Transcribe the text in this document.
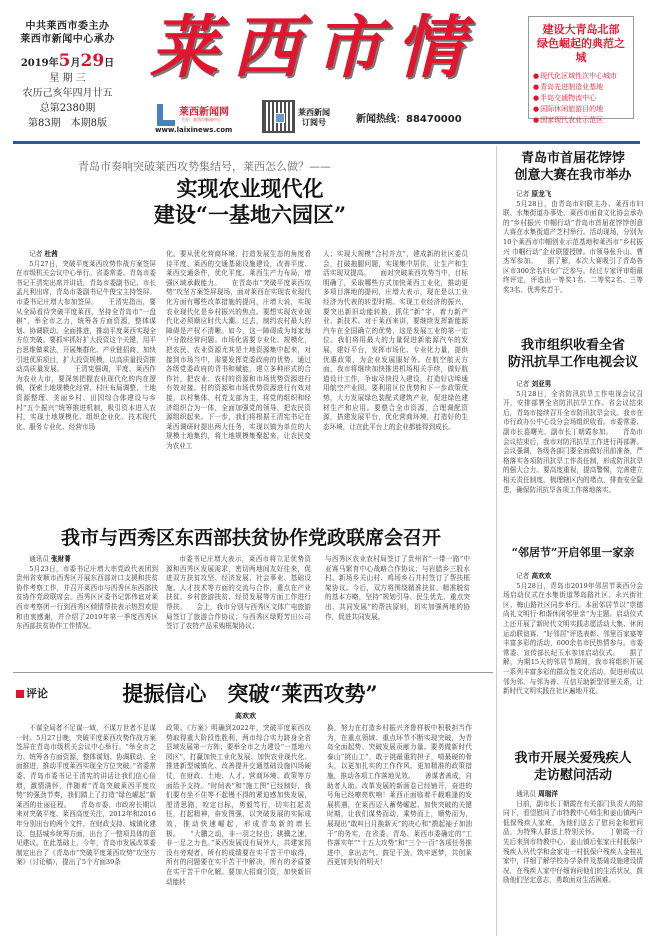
中共莱西市委主办
莱西市新闻中心承办
2019年5月29日
星 期 三
农历己亥年四月廿五
总第2380期
第83期　本期8版
莱西市情	建设大青岛北部
绿色崛起的典范之城
● 现代化区域性次中心城市
● 青岛先进制造业基地
● 半岛交通物流中心
● 国际休闲旅游目的地
● 国家现代农业示范区
莱西新闻网
主办：莱西市新闻中心
www.laixinews.com
莱西新闻
订阅号	新闻热线：88470000
青岛市奏响突破莱西攻势集结号，莱西怎么做？——
实现农业现代化
建设“一基地六园区”
记者 杜茜

5月27日，突破平度莱西攻势作战方案签屏在市级机关会议中心举行。省委常委、青岛市委书记王清宪出席并讲话，青岛市委副书记、市长孟凡利出席，青岛市委副书记牛俊宝主持签屏。市委书记庄增大参加签屏。　　王清宪指出，要从全局看待突破平度莱西，坚持全青岛市“一盘棋”，举全市之力，统筹各方面资源，整体谋划、协调联动、全面推进，推动平度莱西实现全方位突破。要抓牢抓好扩大投资这个关键，用平台思维做乘法，开展集群化、产业链招商，加快引进优质项目，扩大投资规模，以高质量投资推动高质量发展。　　王清宪强调，平度、莱西作为农业大市，要深刻把握农业现代化的内在逻辑，探索土地规模化经营、村庄布局调整、土地资源整理、美丽乡村、田园综合体建设与乡村“五个振兴”统筹推进机制，吸引资本进入农村，实现土地规模化、组织企业化、技术现代化、服务专业化、经营市场

化。要从优化营商环境、打造发展生态的角度看待平度、莱西的交通基础设施建设，改善平度、莱西交通条件，优化平度、莱西生产力布局，增强区域承载能力。　　在青岛市“突破平度莱西攻势”攻坚方案签屏现场，面对莱西在实现农业现代化方面有哪些改革措施的提问，庄增大说，实现农业现代化是乡村振兴的焦点。要想实现农业现代化必须顺应时代大潮。过去，制约农村最大的障碍是产权不清晰。如今，这一障碍成为每家每户分散经营问题。市场化需要专业化、规模化，把农民、农业资源尤其是土地资源集中起来，对接到市场当中，需要发挥党委政府的优势。通过各级党委政府的背书和赋能，建立多种形式的合作社，把农业、农村的资源和市场优势资源进行有效对接。村的资源和市场优势资源进行有效对接，以村集体、村党支部为主，将党的组织和经济组织合为一体，全面加强党的领导，把农民资源组织起来。下一步，我们将根据王清宪书记在莱西调研时提出两大任务，实现以镇为单位的大规模土地集约，将土地规模集聚起来，让农民变为农业工

人；实现大规模“合村并点”，建成新的社区委员会，打破拖腿问题，实现集中居住，让生产和生活实现双提高。　　面对突破莱西攻势当中，目标明确了，采取哪些方式加快莱西工业化，推动更多项目落地的提问，庄增大表示，现在是以工业经济为代表的转型时期。实现工业经济的振兴，要突出新旧动能转换，抓住“新”字，着力新产业、新技术。对于莱西来讲，要继续发挥新能源汽车在全国确立的优势，这是发展工业的第一定位。我们将用最大的力量促进新能源汽车的发展，建好平台，发挥市场化、专业化力量，提供优惠政策，为企业发展服好务。在航空航天方面，我市将继续加快推进机场相关手续，做好航道设计工作，争取尽快投入建设，打造好店埠通用航空产业园。要利用区位优势和下一步政策优势，大力发展绿色装配式建筑产业，促进绿色建材生产和应用。要整合全市资源，合理调配资源，搭建发展平台，优化营商环境，打造好的生态环境，让在此平台上的企业都能得到成长。

我市与西秀区东西部扶贫协作党政联席会召开
通讯员 张财菁

5月23日，市委书记庄增大率党政代表团到贵州省安顺市西秀区开展东西部对口支援和扶贫协作考察工作，并召开莱西市与西秀区东西部扶贫协作党政联席会。西秀区区委书记郭伟谊对莱西市考察团一行到西秀区倾情帮扶表示热烈欢迎和由衷感谢，并介绍了2019年第一季度西秀区东西部扶贫协作工作情况。

市委书记庄增大表示，莱西市将立足优势资源和西秀区发展需求，密切两地间友好往来，促进双方扶贫攻坚、经济发展、社会事业、基础设施、人才技术等方面的交流与合作，重点在产业扶贫、乡村旅游扶贫、经贸发展等方面工作进行帮扶。　　会上，我市分别与西秀区文体广电旅游局签订了旅游合作协议；与西秀区绿野芳田公司签订了农特产品采购框架协议；

与西秀区农业农村局签订了贵州省“一带一路”中亚赛马繁育中心战略合作协议；与岩腊乡三股水村、新场乡关山村、鸡场乡石井村签订了帮扶框架协议。今后，双方将围绕精准扶贫、精准脱贫的基本方略，坚持“规划引导、民生优先、重点突出、共同发展”的帮扶原则，切实加强两地的协作，促进共同发展。

评论	提振信心　突破“莱西攻势”
高欢欢

不谋全局者不足谋一域，不谋万世者不足谋一时。5月27日晚，突破平度莱西攻势作战方案签屏在青岛市级机关会议中心举行。“举全市之力、统筹各方面资源，整体谋划、协调联动、全面推进，推动平度莱西实现全方位突破。”省委常委、青岛市委书记王清宪的讲话让我们信心倍增，激情满怀，伴随着“青岛突破莱西平度攻势”的强劲节奏，我们踏上了打造“绿色崛起”新莱西的壮丽征程。　　青岛市委、市政府长期以来对突破平度、莱西高度关注，2012年和2016年分别出台的两个文件，在财政支持、城镇化建设、包括城乡统筹方面，出台了一整项具体的意见建议。在此基础上，今年，青岛市发展改革委制定出台了《青岛市“突破平度莱西攻势”攻坚方案》（讨论稿），提出了5个方面39条

政策。《方案》明确到2022年，突破平度莱西攻势取得重大阶段性胜利，两市综合实力跻身全省县域发展第一方阵；要举全市之力建设“一基地六园区”，打赢加快工业化发展、加快农业现代化、推进新型城镇化、改善提升交通基础设施四场硬仗，在财政、土地、人才、营商环境、政策等方面给予支持。“时间表”和“施工图”已经制好，我们要有坐不住等不起慢不得的紧迫感加快发展，厘清思路，咬定目标，勇毅笃行，切实扛起责任，打起精神，奋发图强，以突破发展的实际成效，推动快速崛起，形成青岛新的增长极。　　“大鹏之动，非一羽之轻也；骐骥之速，非一足之力也。”莱西发展没有局外人，共建家园没有旁观者。所有的成绩要在实干苦干中取得，所有的问题要在实干苦干中解决，所有的矛盾要在实干苦干中化解。要加大招商引资，加快新旧动能转

换，努力在打造乡村振兴齐鲁样板中积极担当作为，在重点领域、重点环节不断实现突破，为青岛全面起势、突破发展贡献力量。要勇做新时代泰山“挑山工”，敢于挑最重的担子，啃最硬的骨头，以更加扎实的工作作风、更加精准的政策措施，推动各项工作落地见效。　　善谋者善成，自助者人助。改革发展的新画卷已经铺开，奋进的号角已经嘹亮吹响！莱西正面临着千载难逢的发展机遇，在莱西迈入蓄势崛起、加快突破的关键时期，让我们谋势而动，乘势而上，顺势而为，展现出“敢叫日月换新天”的决心和“撸起袖子加油干”的务实，在省委、青岛、莱西市委确定的“工作落实年”“十五大攻势”和“三个一百”各项任务推进中，拿出志气、鼓足干劲，筑牢逐梦，共创莱西更加美好的明天！

青岛市首届花饽饽
创意大赛在我市举办
记者 原龙飞

5月28日，由青岛市妇联主办、莱西市妇联、水集街道办事处、莱西市面食文化协会承办的“乡村振兴 巾帼行动”青岛市首届花饽饽创意大赛在水集街道产芝村举行。活动现场，分别为10个莱西市巾帼创业示范基地和莱西市“乡村振兴 巾帼行动”企业联盟授牌。市领导张升山、曹杰军参加。　　据了解，本次大赛吸引了青岛各区市300余名妇女广泛参与。经过专家评审组最终评定，评选出一等奖1名、二等奖2名、三等奖3名、优秀奖若干。

我市组织收看全省
防汛抗旱工作电视会议
记者 刘亚男

5月28日，全省防汛抗旱工作电视会议召开，安排部署全省防汛抗旱工作。省会议结束后，青岛市接续召开全市防汛抗旱会议。我市在市行政办公中心设分会场组织收看。市委常委、副市长葛曙光，副市长丁朝霞参加。　　青岛市会议结束后，我市对防汛抗旱工作进行再部署。会议强调，各级各部门要全面做好汛前准备，严格落实各项防汛抗旱工作责任制，形成防汛抗旱的强大合力。要高度重视，提高警惕，完善建立相关责任制度，梳理辖区内的堵点，排查安全隐患，确保防汛抗旱各项工作落地落实。

“邻居节”开启邻里一家亲
记者 高欢欢

5月28日，青岛市2019年邻居节莱西分会场启动仪式在水集街道琴岛路社区、永兴街社区、梅山路社区同步举行。本届邻居节以“崇德尚礼文明行·和谐休闲邻里亲”为主题。启动仪式上还开展了新时代文明实践志愿活动大集、休闲运动联谊赛、“好邻居”评选表彰、邻里百家宴等丰富多彩的活动，600余名市民热情参与。市委常委、宣传部长纪玉水参加启动仪式。　　据了解，为期15天的邻居节期间，我市将组织开展一系列丰富多彩的群众性文化活动，促进形成以邻为邻、与邻为善、互信互助新型邻里关系，让新时代文明实践在社区遍地开花。

我市开展关爱残疾人
走访慰问活动
通讯员 周瑞洋

日前，副市长丁朝霞在有关部门负责人的陪同下，看望慰问了市特教中心师生和姜山镇两户低保残疾人家庭，为他们送去了慰问金和慰问品，为特殊人群送上特别关怀。　　丁朝霞一行先后来到市特教中心、姜山镇后张家庄村低保户残疾人丛代学和金家屯一村低保户残疾人金桂礼家中，详细了解学校办学条件及基础设施建设情况，在残疾人家中仔细询问他们的生活状况，鼓励他们坚定意志，勇敢面对生活困难。
